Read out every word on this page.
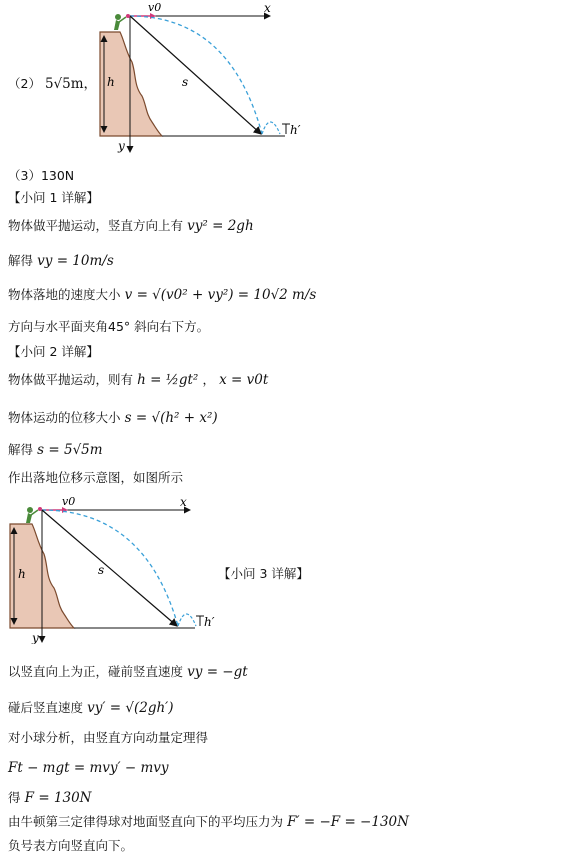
v0	x
y
h	s
h′
（2） 5√5m，
（3）130N
【小问 1 详解】
物体做平抛运动，竖直方向上有 vy² = 2gh
解得 vy = 10m/s
物体落地的速度大小 v = √(v0² + vy²) = 10√2 m/s
方向与水平面夹角45° 斜向右下方。
【小问 2 详解】
物体做平抛运动，则有 h = ½gt² ， x = v0t
物体运动的位移大小 s = √(h² + x²)
解得 s = 5√5m
作出落地位移示意图，如图所示
v0	x
y
h	s
h′
【小问 3 详解】
以竖直向上为正，碰前竖直速度 vy = −gt
碰后竖直速度 vy′ = √(2gh′)
对小球分析，由竖直方向动量定理得
Ft − mgt = mvy′ − mvy
得 F = 130N
由牛顿第三定律得球对地面竖直向下的平均压力为 F′ = −F = −130N
负号表方向竖直向下。
